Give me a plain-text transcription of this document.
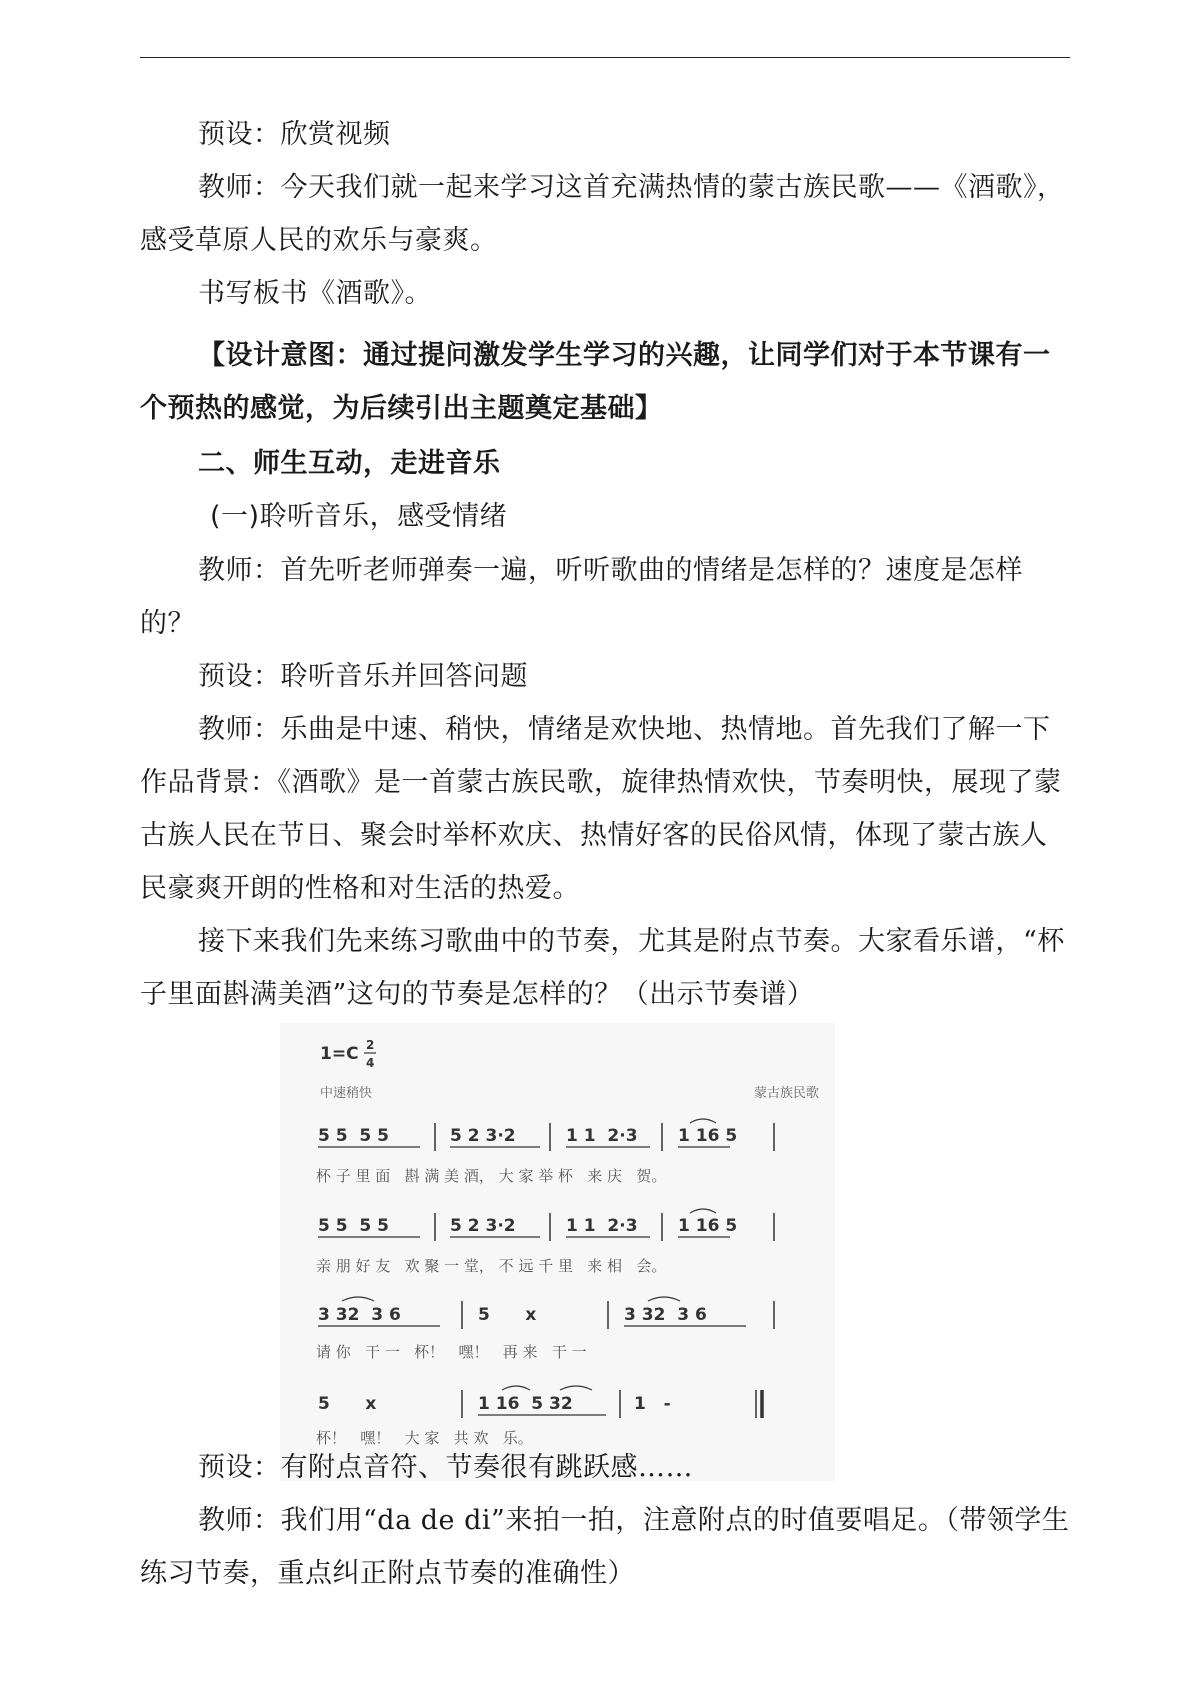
预设：欣赏视频
教师：今天我们就一起来学习这首充满热情的蒙古族民歌——《酒歌》，感受草原人民的欢乐与豪爽。
书写板书《酒歌》。
【设计意图：通过提问激发学生学习的兴趣，让同学们对于本节课有一个预热的感觉，为后续引出主题奠定基础】
二、师生互动，走进音乐
(一)聆听音乐，感受情绪
教师：首先听老师弹奏一遍，听听歌曲的情绪是怎样的？速度是怎样的？
预设：聆听音乐并回答问题
教师：乐曲是中速、稍快，情绪是欢快地、热情地。首先我们了解一下作品背景：《酒歌》是一首蒙古族民歌，旋律热情欢快，节奏明快，展现了蒙古族人民在节日、聚会时举杯欢庆、热情好客的民俗风情，体现了蒙古族人民豪爽开朗的性格和对生活的热爱。
接下来我们先来练习歌曲中的节奏，尤其是附点节奏。大家看乐谱，“杯子里面斟满美酒”这句的节奏是怎样的？（出示节奏谱）
1=C 2
4
中速稍快	蒙古族民歌
5 5  5 5	5 2 3·2	1 1  2·3 1 16 5
杯 子 里 面   斟 满 美 酒， 大 家 举 杯   来 庆   贺。
5 5  5 5	5 2 3·2	1 1  2·3 1 16 5
亲 朋 好 友   欢 聚 一 堂， 不 远 千 里   来 相   会。
3 32  3 6	5      x	3 32  3 6
请 你   干 一   杯！   嘿！   再 来   干 一
5      x	1 16  5 32	1   -
杯！   嘿！   大 家   共 欢   乐。
预设：有附点音符、节奏很有跳跃感……
教师：我们用“da de di”来拍一拍，注意附点的时值要唱足。（带领学生练习节奏，重点纠正附点节奏的准确性）
